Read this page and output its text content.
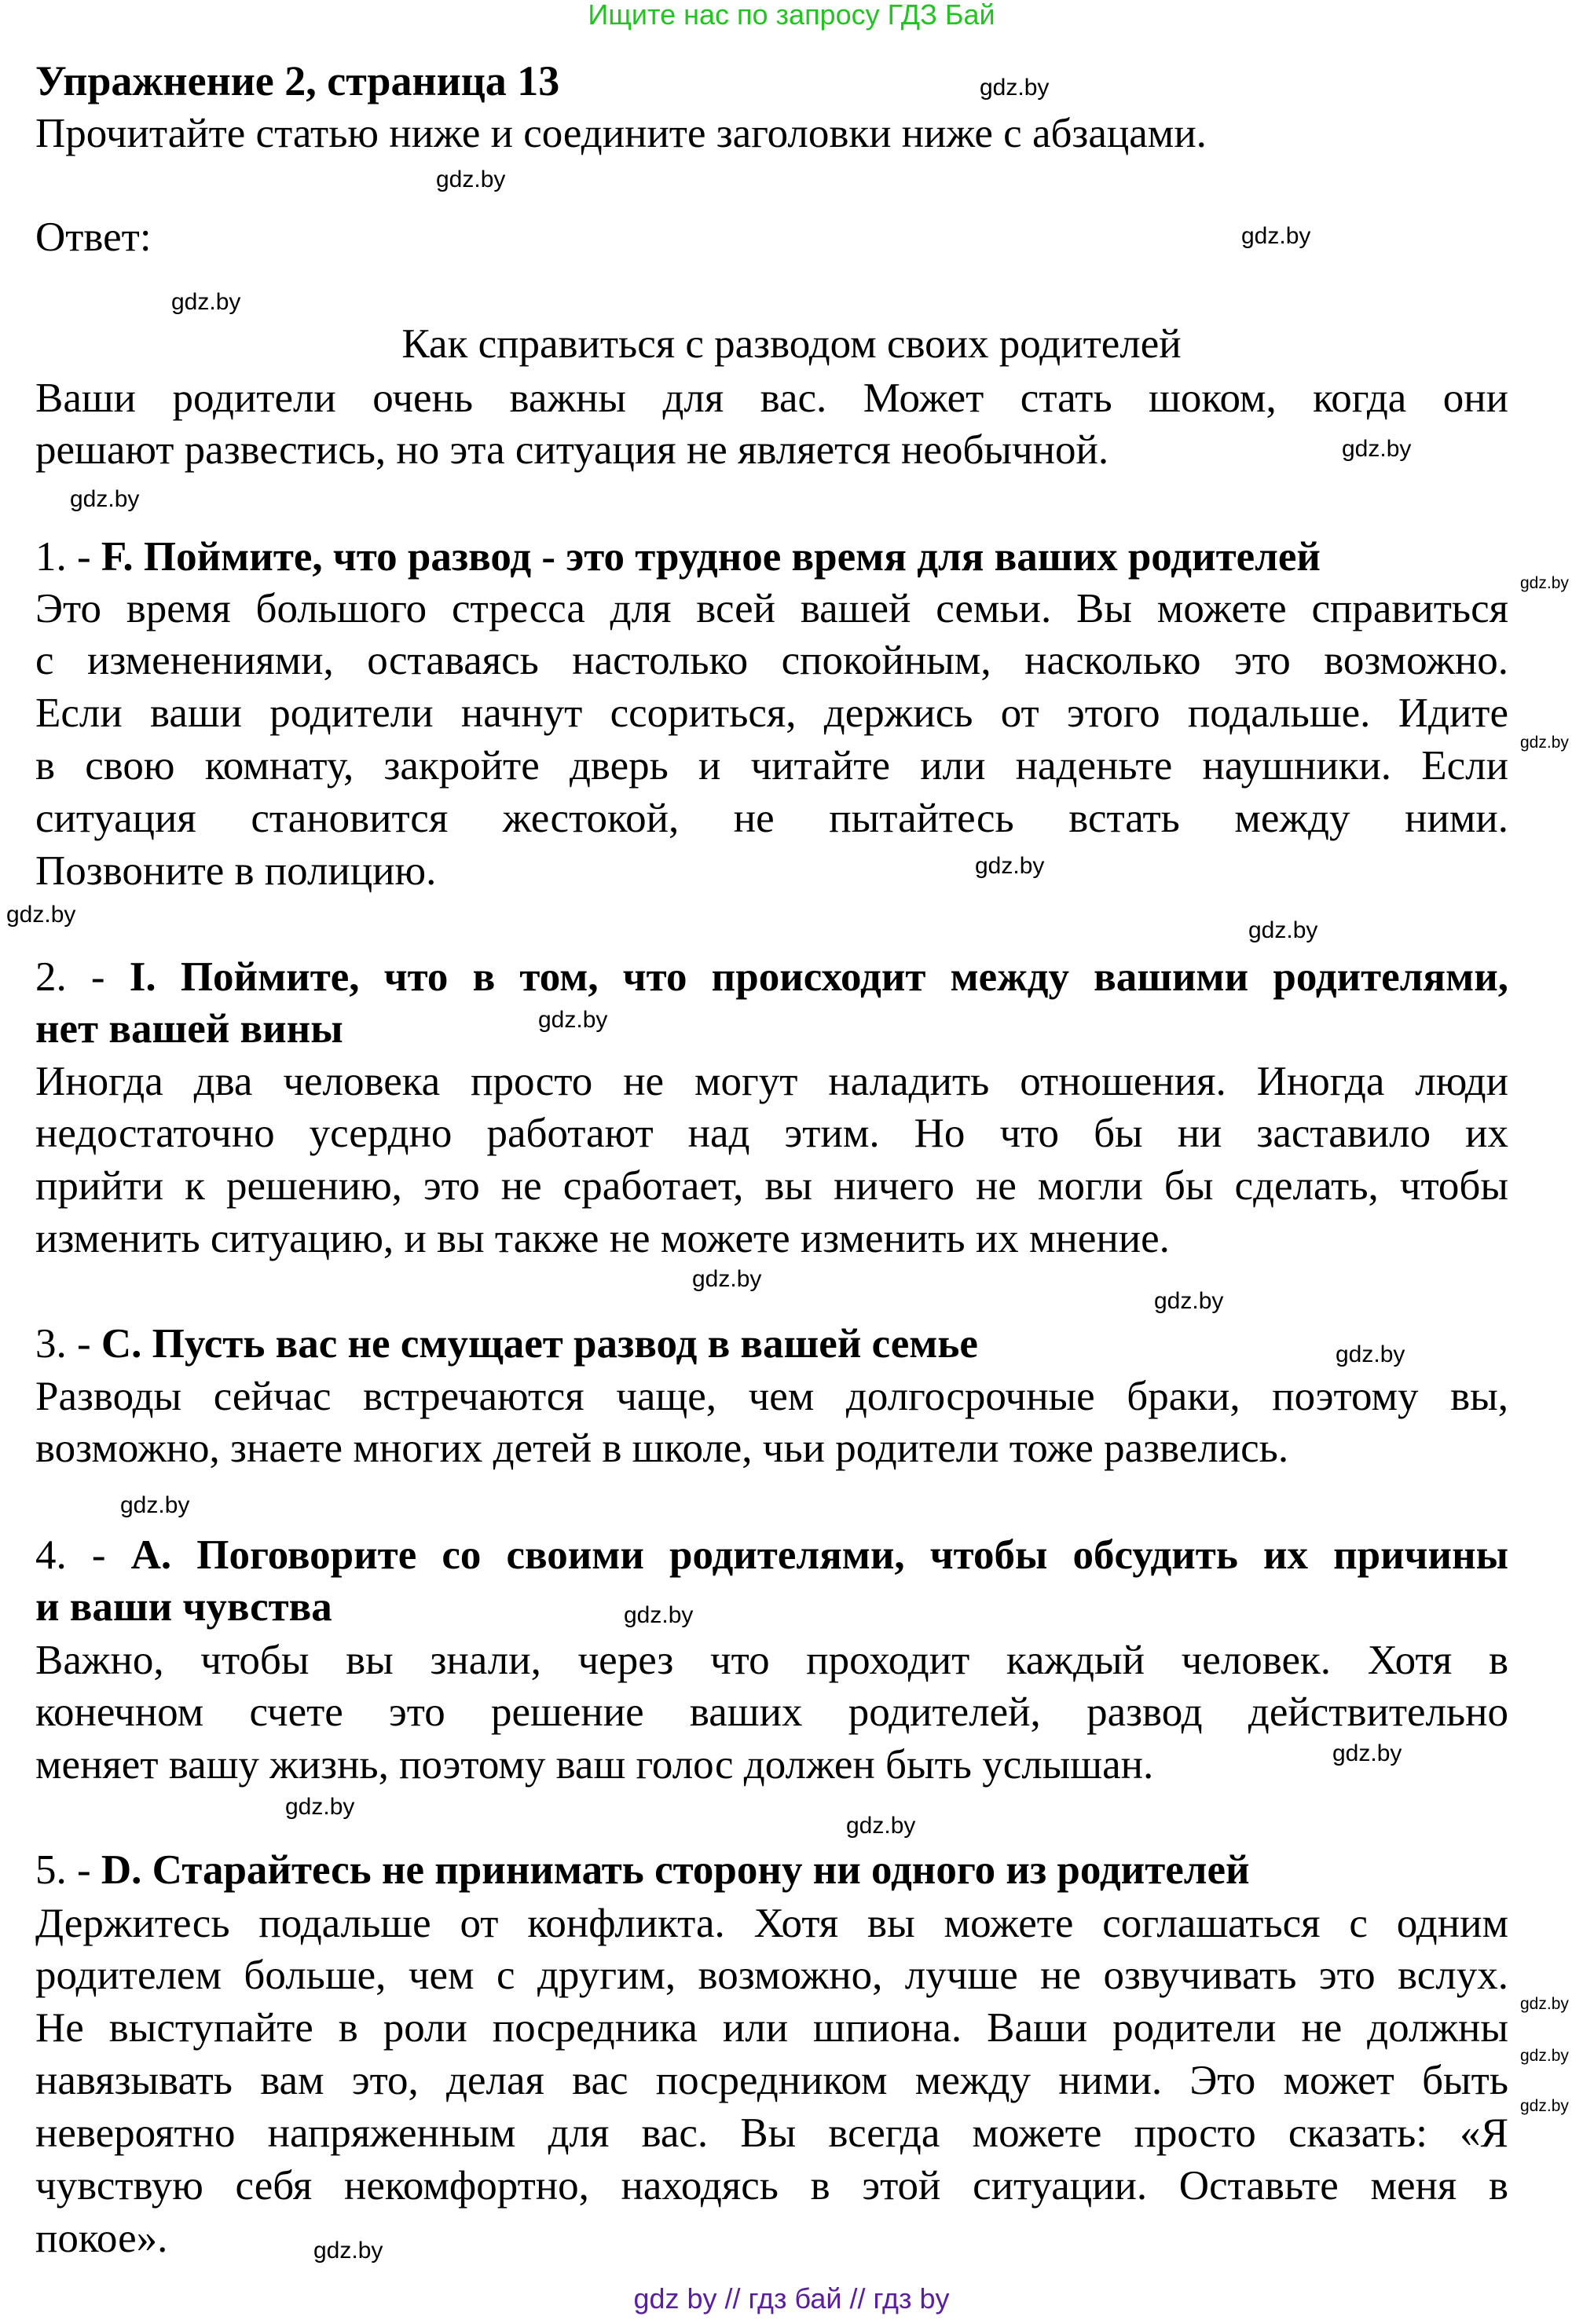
Ищите нас по запросу ГДЗ Бай
Упражнение 2, страница 13
Прочитайте статью ниже и соедините заголовки ниже с абзацами.
Ответ:
Как справиться с разводом своих родителей
Ваши родители очень важны для вас. Может стать шоком, когда они
решают развестись, но эта ситуация не является необычной.
1. - F. Поймите, что развод - это трудное время для ваших родителей
Это время большого стресса для всей вашей семьи. Вы можете справиться
с изменениями, оставаясь настолько спокойным, насколько это возможно.
Если ваши родители начнут ссориться, держись от этого подальше. Идите
в свою комнату, закройте дверь и читайте или наденьте наушники. Если
ситуация становится жестокой, не пытайтесь встать между ними.
Позвоните в полицию.
2. - I. Поймите, что в том, что происходит между вашими родителями,
нет вашей вины
Иногда два человека просто не могут наладить отношения. Иногда люди
недостаточно усердно работают над этим. Но что бы ни заставило их
прийти к решению, это не сработает, вы ничего не могли бы сделать, чтобы
изменить ситуацию, и вы также не можете изменить их мнение.
3. - C. Пусть вас не смущает развод в вашей семье
Разводы сейчас встречаются чаще, чем долгосрочные браки, поэтому вы,
возможно, знаете многих детей в школе, чьи родители тоже развелись.
4. - A. Поговорите со своими родителями, чтобы обсудить их причины
и ваши чувства
Важно, чтобы вы знали, через что проходит каждый человек. Хотя в
конечном счете это решение ваших родителей, развод действительно
меняет вашу жизнь, поэтому ваш голос должен быть услышан.
5. - D. Старайтесь не принимать сторону ни одного из родителей
Держитесь подальше от конфликта. Хотя вы можете соглашаться с одним
родителем больше, чем с другим, возможно, лучше не озвучивать это вслух.
Не выступайте в роли посредника или шпиона. Ваши родители не должны
навязывать вам это, делая вас посредником между ними. Это может быть
невероятно напряженным для вас. Вы всегда можете просто сказать: «Я
чувствую себя некомфортно, находясь в этой ситуации. Оставьте меня в
покое».
gdz.by
gdz.by
gdz.by
gdz.by
gdz.by
gdz.by
gdz.by
gdz.by
gdz.by
gdz.by
gdz.by
gdz.by
gdz.by
gdz.by
gdz.by
gdz.by
gdz.by
gdz.by
gdz.by
gdz.by
gdz.by
gdz.by
gdz.by
gdz.by
gdz by // гдз бай // гдз by
